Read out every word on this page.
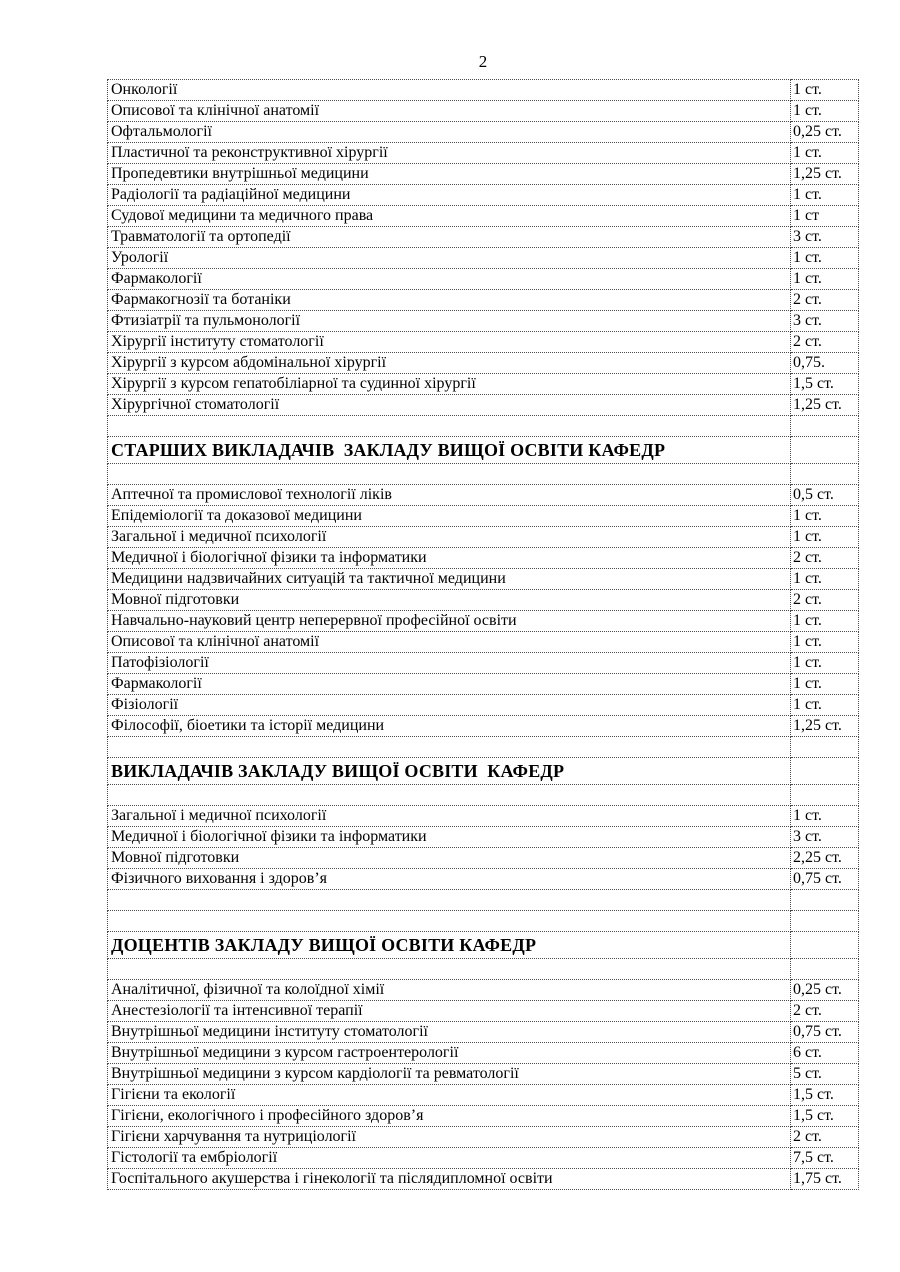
2
Онкології	1 ст.
Описової та клінічної анатомії	1 ст.
Офтальмології	0,25 ст.
Пластичної та реконструктивної хірургії	1 ст.
Пропедевтики внутрішньої медицини	1,25 ст.
Радіології та радіаційної медицини	1 ст.
Судової медицини та медичного права	1 ст
Травматології та ортопедії	3 ст.
Урології	1 ст.
Фармакології	1 ст.
Фармакогнозії та ботаніки	2 ст.
Фтизіатрії та пульмонології	3 ст.
Хірургії інституту стоматології	2 ст.
Хірургії з курсом абдомінальної хірургії	0,75.
Хірургії з курсом гепатобіліарної та судинної хірургії	1,5 ст.
Хірургічної стоматології	1,25 ст.

СТАРШИХ ВИКЛАДАЧІВ  ЗАКЛАДУ ВИЩОЇ ОСВІТИ КАФЕДР	

Аптечної та промислової технології ліків	0,5 ст.
Епідеміології та доказової медицини	1 ст.
Загальної і медичної психології	1 ст.
Медичної і біологічної фізики та інформатики	2 ст.
Медицини надзвичайних ситуацій та тактичної медицини	1 ст.
Мовної підготовки	2 ст.
Навчально-науковий центр неперервної професійної освіти	1 ст.
Описової та клінічної анатомії	1 ст.
Патофізіології	1 ст.
Фармакології	1 ст.
Фізіології	1 ст.
Філософії, біоетики та історії медицини	1,25 ст.

ВИКЛАДАЧІВ ЗАКЛАДУ ВИЩОЇ ОСВІТИ  КАФЕДР	

Загальної і медичної психології	1 ст.
Медичної і біологічної фізики та інформатики	3 ст.
Мовної підготовки	2,25 ст.
Фізичного виховання і здоров’я	0,75 ст.

ДОЦЕНТІВ ЗАКЛАДУ ВИЩОЇ ОСВІТИ КАФЕДР	

Аналітичної, фізичної та колоїдної хімії	0,25 ст.
Анестезіології та інтенсивної терапії	2 ст.
Внутрішньої медицини інституту стоматології	0,75 ст.
Внутрішньої медицини з курсом гастроентерології	6 ст.
Внутрішньої медицини з курсом кардіології та ревматології	5 ст.
Гігієни та екології	1,5 ст.
Гігієни, екологічного і професійного здоров’я	1,5 ст.
Гігієни харчування та нутриціології	2 ст.
Гістології та ембріології	7,5 ст.
Госпітального акушерства і гінекології та післядипломної освіти	1,75 ст.
